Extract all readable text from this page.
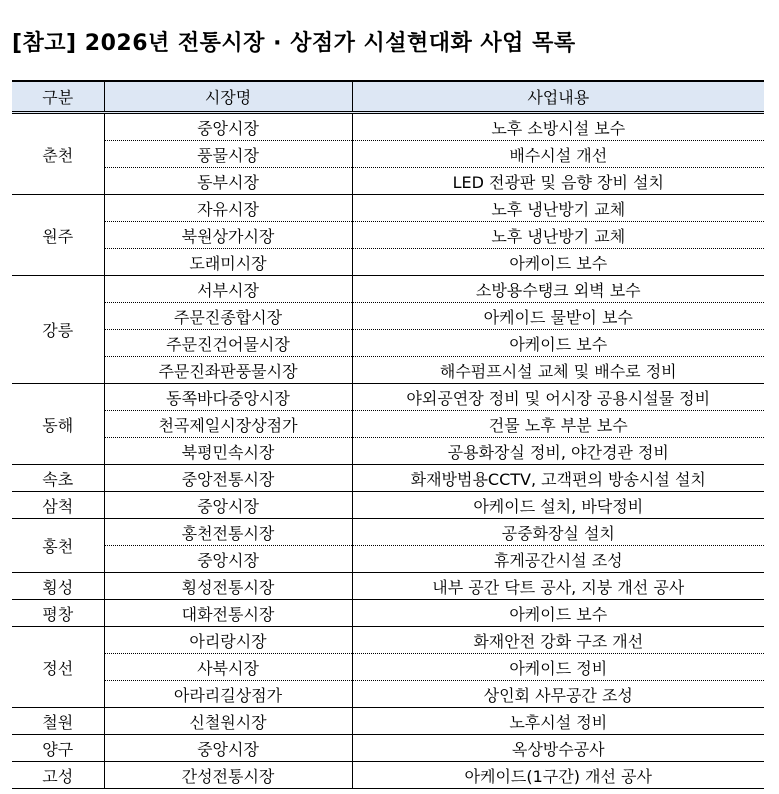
[참고] 2026년 전통시장 · 상점가 시설현대화 사업 목록
구분	시장명	사업내용
춘천	중앙시장	노후 소방시설 보수
	풍물시장	배수시설 개선
	동부시장	LED 전광판 및 음향 장비 설치
원주	자유시장	노후 냉난방기 교체
	북원상가시장	노후 냉난방기 교체
	도래미시장	아케이드 보수
강릉	서부시장	소방용수탱크 외벽 보수
	주문진종합시장	아케이드 물받이 보수
	주문진건어물시장	아케이드 보수
	주문진좌판풍물시장	해수펌프시설 교체 및 배수로 정비
동해	동쪽바다중앙시장	야외공연장 정비 및 어시장 공용시설물 정비
	천곡제일시장상점가	건물 노후 부분 보수
	북평민속시장	공용화장실 정비, 야간경관 정비
속초	중앙전통시장	화재방범용CCTV, 고객편의 방송시설 설치
삼척	중앙시장	아케이드 설치, 바닥정비
홍천	홍천전통시장	공중화장실 설치
	중앙시장	휴게공간시설 조성
횡성	횡성전통시장	내부 공간 닥트 공사, 지붕 개선 공사
평창	대화전통시장	아케이드 보수
정선	아리랑시장	화재안전 강화 구조 개선
	사북시장	아케이드 정비
	아라리길상점가	상인회 사무공간 조성
철원	신철원시장	노후시설 정비
양구	중앙시장	옥상방수공사
고성	간성전통시장	아케이드(1구간) 개선 공사
